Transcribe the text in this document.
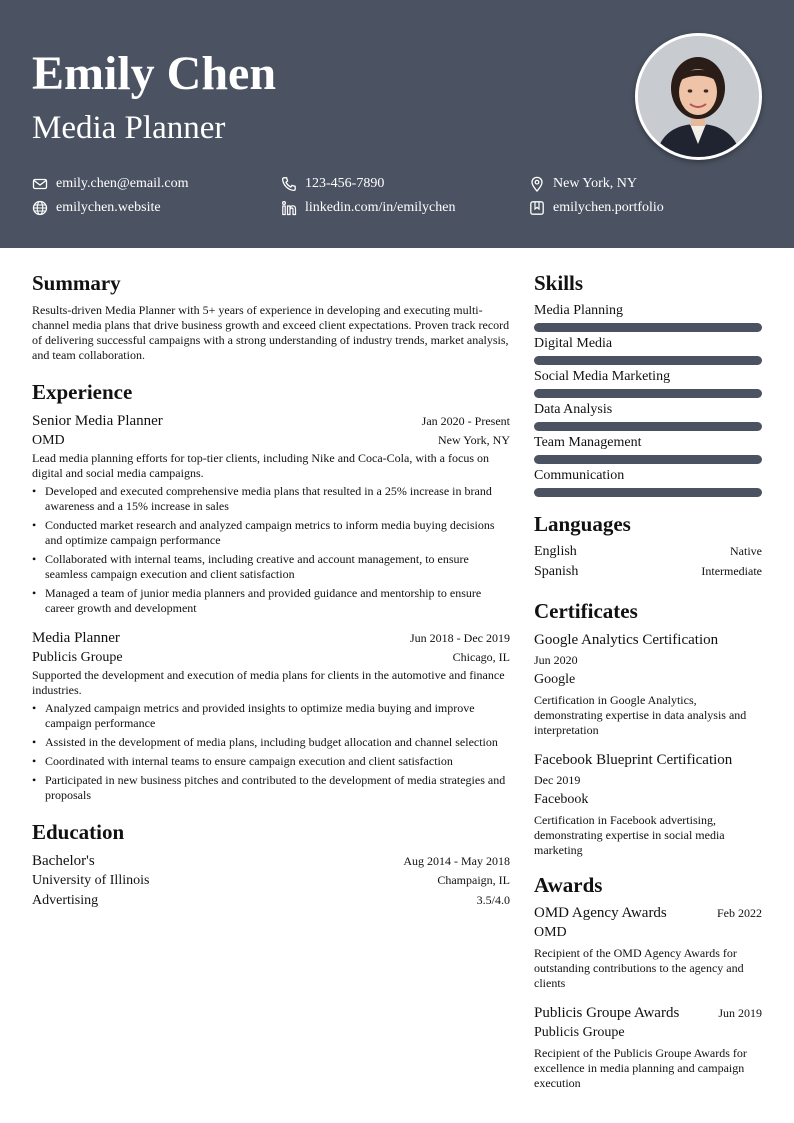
Emily Chen
Media Planner
emily.chen@email.com	123-456-7890	New York, NY
emilychen.website	linkedin.com/in/emilychen	emilychen.portfolio
Summary

Results-driven Media Planner with 5+ years of experience in developing and executing multi-channel media plans that drive business growth and exceed client expectations. Proven track record of delivering successful campaigns with a strong understanding of industry trends, market analysis, and team collaboration.

Experience
Senior Media Planner	Jan 2020 - Present
OMD	New York, NY

Lead media planning efforts for top-tier clients, including Nike and Coca-Cola, with a focus on digital and social media campaigns.

• Developed and executed comprehensive media plans that resulted in a 25% increase in brand awareness and a 15% increase in sales
• Conducted market research and analyzed campaign metrics to inform media buying decisions and optimize campaign performance
• Collaborated with internal teams, including creative and account management, to ensure seamless campaign execution and client satisfaction
• Managed a team of junior media planners and provided guidance and mentorship to ensure career growth and development
Media Planner	Jun 2018 - Dec 2019
Publicis Groupe	Chicago, IL

Supported the development and execution of media plans for clients in the automotive and finance industries.

• Analyzed campaign metrics and provided insights to optimize media buying and improve campaign performance
• Assisted in the development of media plans, including budget allocation and channel selection
• Coordinated with internal teams to ensure campaign execution and client satisfaction
• Participated in new business pitches and contributed to the development of media strategies and proposals
Education
Bachelor's	Aug 2014 - May 2018
University of Illinois	Champaign, IL
Advertising	3.5/4.0
Skills
Media Planning
Digital Media
Social Media Marketing
Data Analysis
Team Management
Communication
Languages
English	Native
Spanish	Intermediate
Certificates
Google Analytics Certification
Jun 2020
Google

Certification in Google Analytics, demonstrating expertise in data analysis and interpretation

Facebook Blueprint Certification
Dec 2019
Facebook

Certification in Facebook advertising, demonstrating expertise in social media marketing

Awards
OMD Agency Awards	Feb 2022
OMD

Recipient of the OMD Agency Awards for outstanding contributions to the agency and clients

Publicis Groupe Awards	Jun 2019
Publicis Groupe

Recipient of the Publicis Groupe Awards for excellence in media planning and campaign execution
